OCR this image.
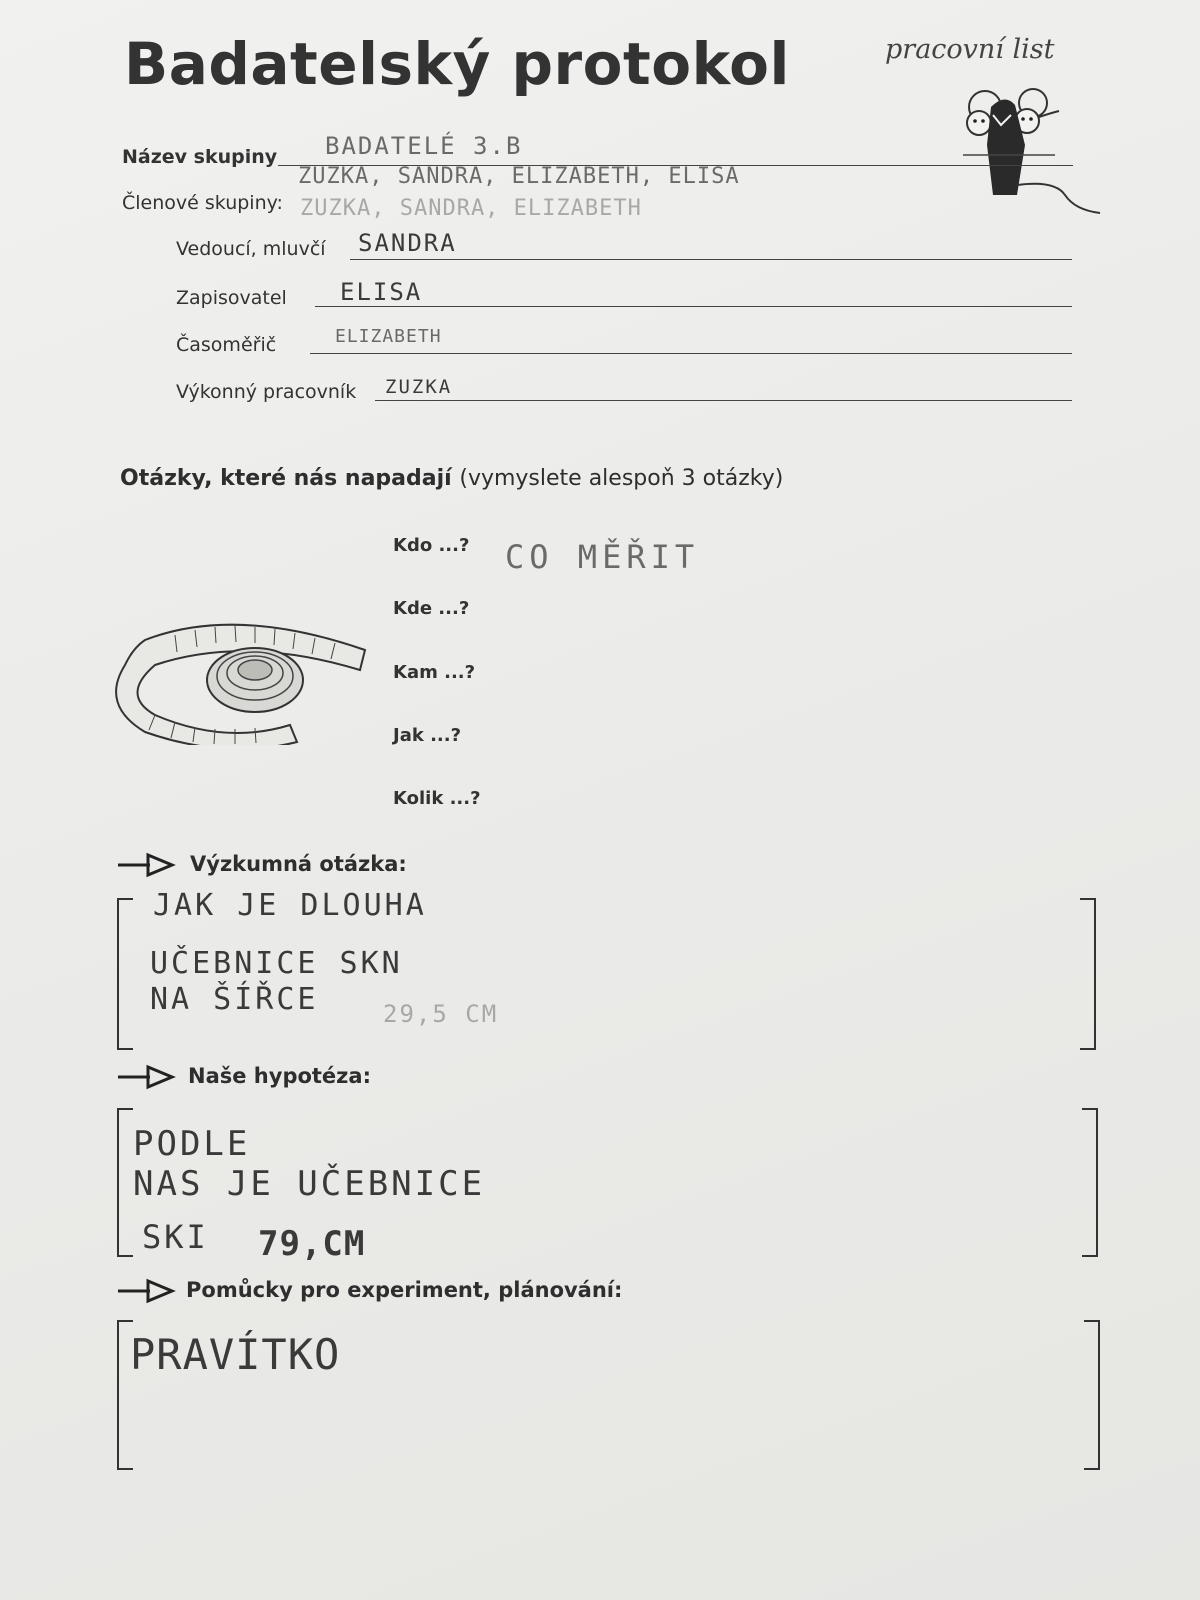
Badatelský protokol	pracovní list
Název skupiny BADATELÉ 3.B
ZUZKA, SANDRA, ELIZABETH, ELISA
Členové skupiny: ZUZKA, SANDRA, ELIZABETH
Vedoucí, mluvčí SANDRA
Zapisovatel ELISA
Časoměřič	ELIZABETH
Výkonný pracovník ZUZKA
Otázky, které nás napadají (vymyslete alespoň 3 otázky)
Kdo ...?
Kde ...?
Kam ...?
Jak ...?
Kolik ...?
CO MĚŘIT
Výzkumná otázka:
JAK JE DLOUHA
UČEBNICE SKN
NA ŠÍŘCE	29,5 CM
Naše hypotéza:
PODLE
NAS JE UČEBNICE
SKI 79,CM
Pomůcky pro experiment, plánování:
PRAVÍTKO
